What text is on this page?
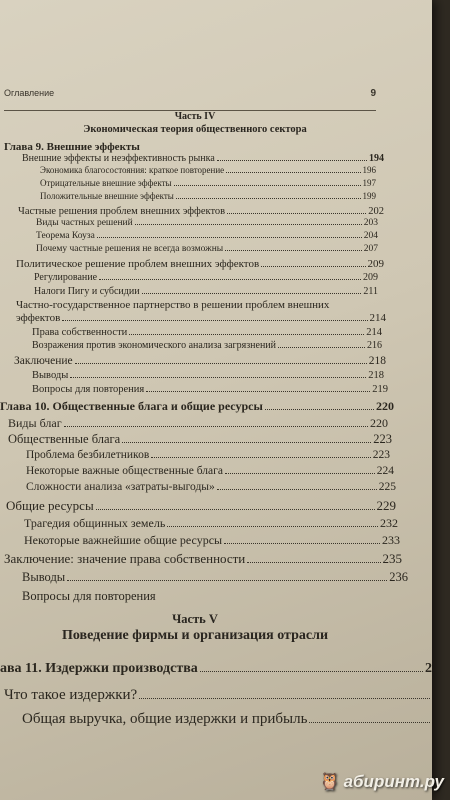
Оглавление	9
Часть IV
Экономическая теория общественного сектора
Глава 9. Внешние эффекты
Внешние эффекты и неэффективность рынка	194
Экономика благосостояния: краткое повторение	196
Отрицательные внешние эффекты	197
Положительные внешние эффекты	199
Частные решения проблем внешних эффектов	202
Виды частных решений	203
Теорема Коуза	204
Почему частные решения не всегда возможны	207
Политическое решение проблем внешних эффектов	209
Регулирование	209
Налоги Пигу и субсидии	211
Частно-государственное партнерство в решении проблем внешних
эффектов	214
Права собственности	214
Возражения против экономического анализа загрязнений	216
Заключение	218
Выводы	218
Вопросы для повторения	219
Глава 10. Общественные блага и общие ресурсы	220
Виды благ	220
Общественные блага	223
Проблема безбилетников	223
Некоторые важные общественные блага	224
Сложности анализа «затраты-выгоды»	225
Общие ресурсы	229
Трагедия общинных земель	232
Некоторые важнейшие общие ресурсы	233
Заключение: значение права собственности	235
Выводы	236
Вопросы для повторения
Часть V
Поведение фирмы и организация отрасли
ава 11. Издержки производства	2
Что такое издержки?
Общая выручка, общие издержки и прибыль
🦉 абиринт.ру
